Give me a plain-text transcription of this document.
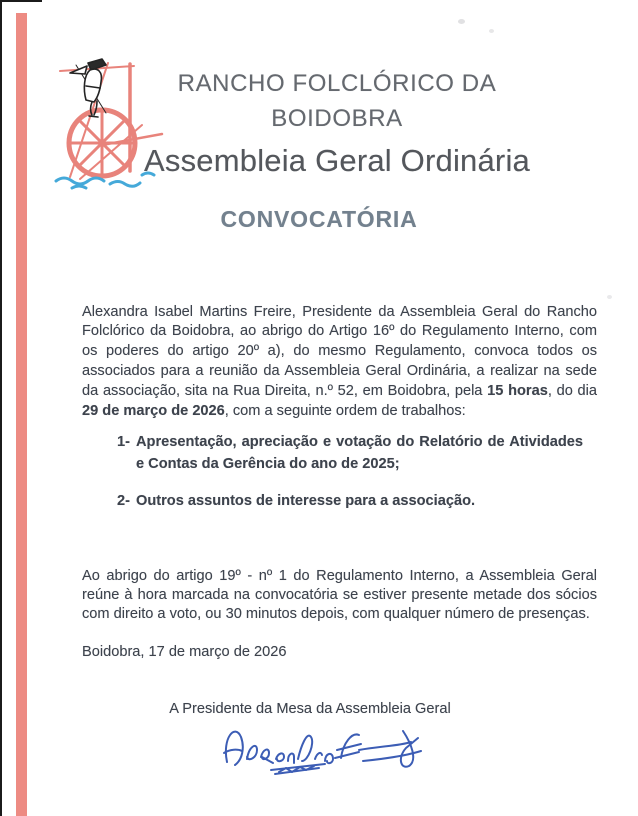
RANCHO FOLCLÓRICO DA
BOIDOBRA
Assembleia Geral Ordinária
CONVOCATÓRIA

Alexandra Isabel Martins Freire, Presidente da Assembleia Geral do Rancho Folclórico da Boidobra, ao abrigo do Artigo 16º do Regulamento Interno, com os poderes do artigo 20º a), do mesmo Regulamento, convoca todos os associados para a reunião da Assembleia Geral Ordinária, a realizar na sede da associação, sita na Rua Direita, n.º 52, em Boidobra, pela 15 horas, do dia 29 de março de 2026, com a seguinte ordem de trabalhos:

1- Apresentação, apreciação e votação do Relatório de Atividades e Contas da Gerência do ano de 2025;
2- Outros assuntos de interesse para a associação.

Ao abrigo do artigo 19º - nº 1 do Regulamento Interno, a Assembleia Geral reúne à hora marcada na convocatória se estiver presente metade dos sócios com direito a voto, ou 30 minutos depois, com qualquer número de presenças.

Boidobra, 17 de março de 2026
A Presidente da Mesa da Assembleia Geral
